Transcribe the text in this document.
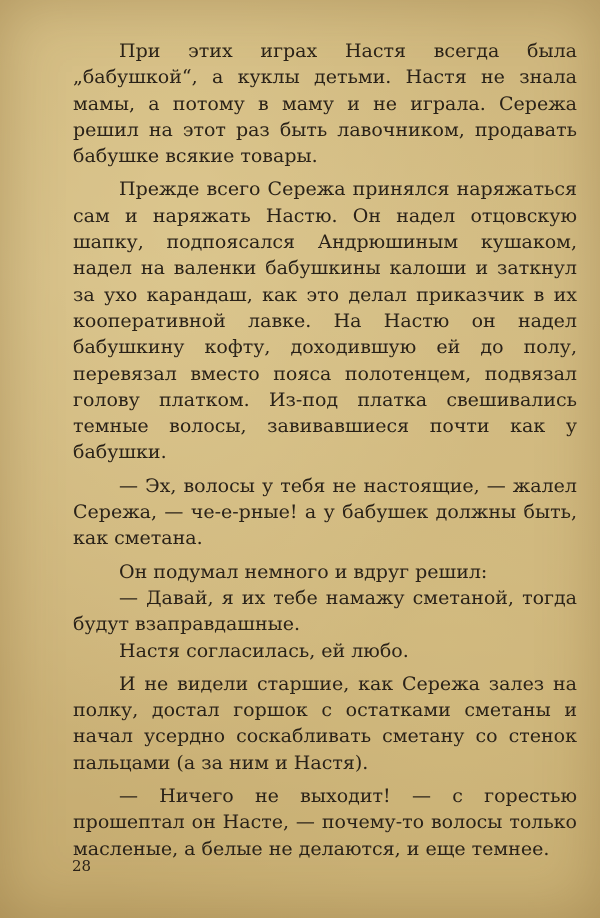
При этих играх Настя всегда была „бабушкой“, а куклы детьми. Настя не знала мамы, а потому в маму и не играла. Сережа решил на этот раз быть лавочником, продавать бабушке всякие товары.

Прежде всего Сережа принялся наряжаться сам и наряжать Настю. Он надел отцовскую шапку, подпоясался Андрюшиным кушаком, надел на валенки бабушкины калоши и заткнул за ухо карандаш, как это делал приказчик в их кооперативной лавке. На Настю он надел бабушкину кофту, доходившую ей до полу, перевязал вместо пояса полотенцем, подвязал голову платком. Из-под платка свешивались темные волосы, завивавшиеся почти как у бабушки.

— Эх, волосы у тебя не настоящие, — жалел Сережа, — че-е-рные! а у бабушек должны быть, как сметана.

Он подумал немного и вдруг решил:

— Давай, я их тебе намажу сметаной, тогда будут взаправдашные.

Настя согласилась, ей любо.

И не видели старшие, как Сережа залез на полку, достал горшок с остатками сметаны и начал усердно соскабливать сметану со стенок пальцами (а за ним и Настя).

— Ничего не выходит! — с горестью прошептал он Насте, — почему-то волосы только масленые, а белые не делаются, и еще темнее.

28
